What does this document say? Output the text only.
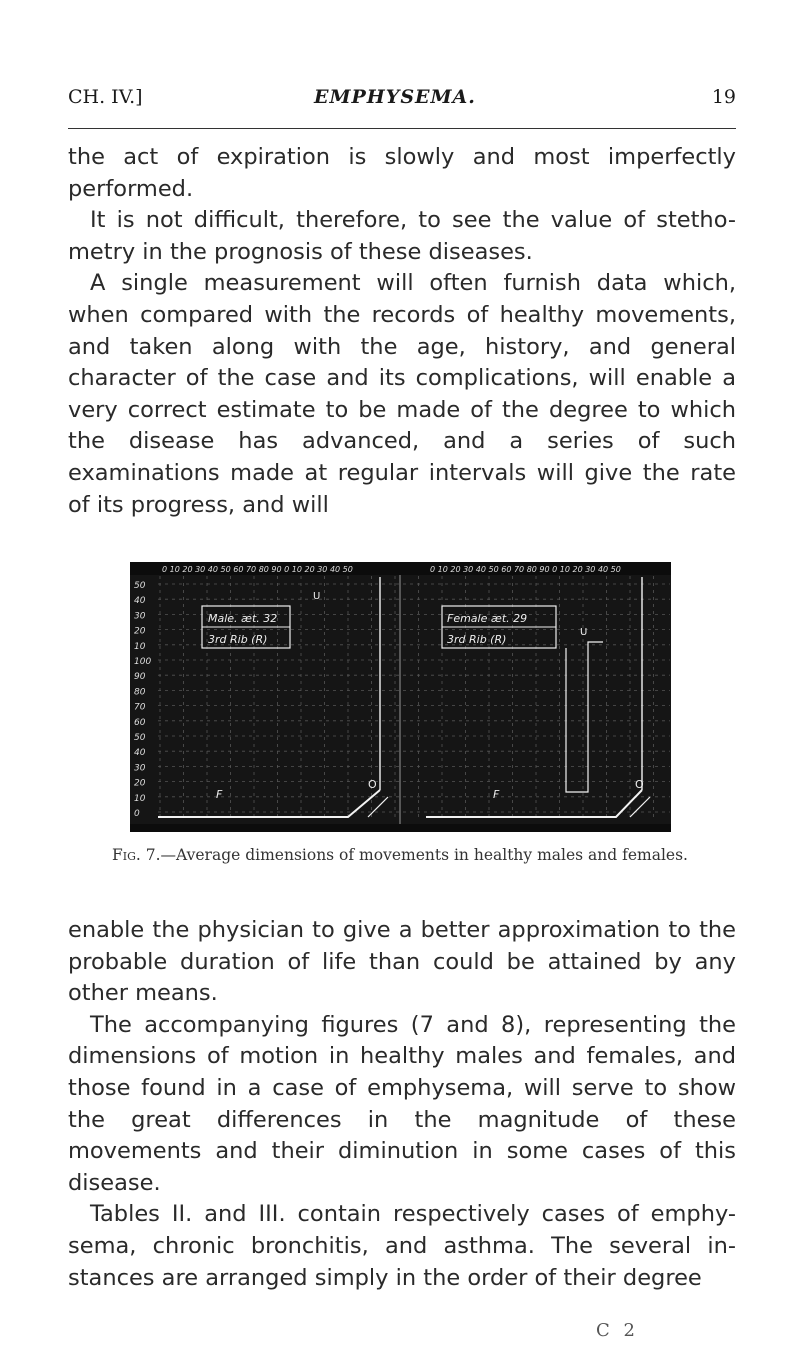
CH. IV.]	EMPHYSEMA.	19

the act of expiration is slowly and most imperfectly performed.

It is not difficult, therefore, to see the value of stetho-metry in the prognosis of these diseases.

A single measurement will often furnish data which, when compared with the records of healthy movements, and taken along with the age, history, and general character of the case and its complications, will enable a very correct estimate to be made of the degree to which the disease has advanced, and a series of such examinations made at regular intervals will give the rate of its progress, and will

0 10 20 30 40 50 60 70 80 90 0 10 20 30 40 50	0 10 20 30 40 50 60 70 80 90 0 10 20 30 40 50
50
40
30
20
10
100
90
80
70
60
50
40
30
20
10
0
Male. æt. 32
3rd Rib (R)
U
F
O
Female æt. 29
3rd Rib (R)
U
F
O
Fig. 7.—Average dimensions of movements in healthy males and females.

enable the physician to give a better approximation to the probable duration of life than could be attained by any other means.

The accompanying figures (7 and 8), representing the dimensions of motion in healthy males and females, and those found in a case of emphysema, will serve to show the great differences in the magnitude of these movements and their diminution in some cases of this disease.

Tables II. and III. contain respectively cases of emphy-sema, chronic bronchitis, and asthma. The several in-stances are arranged simply in the order of their degree

C 2
